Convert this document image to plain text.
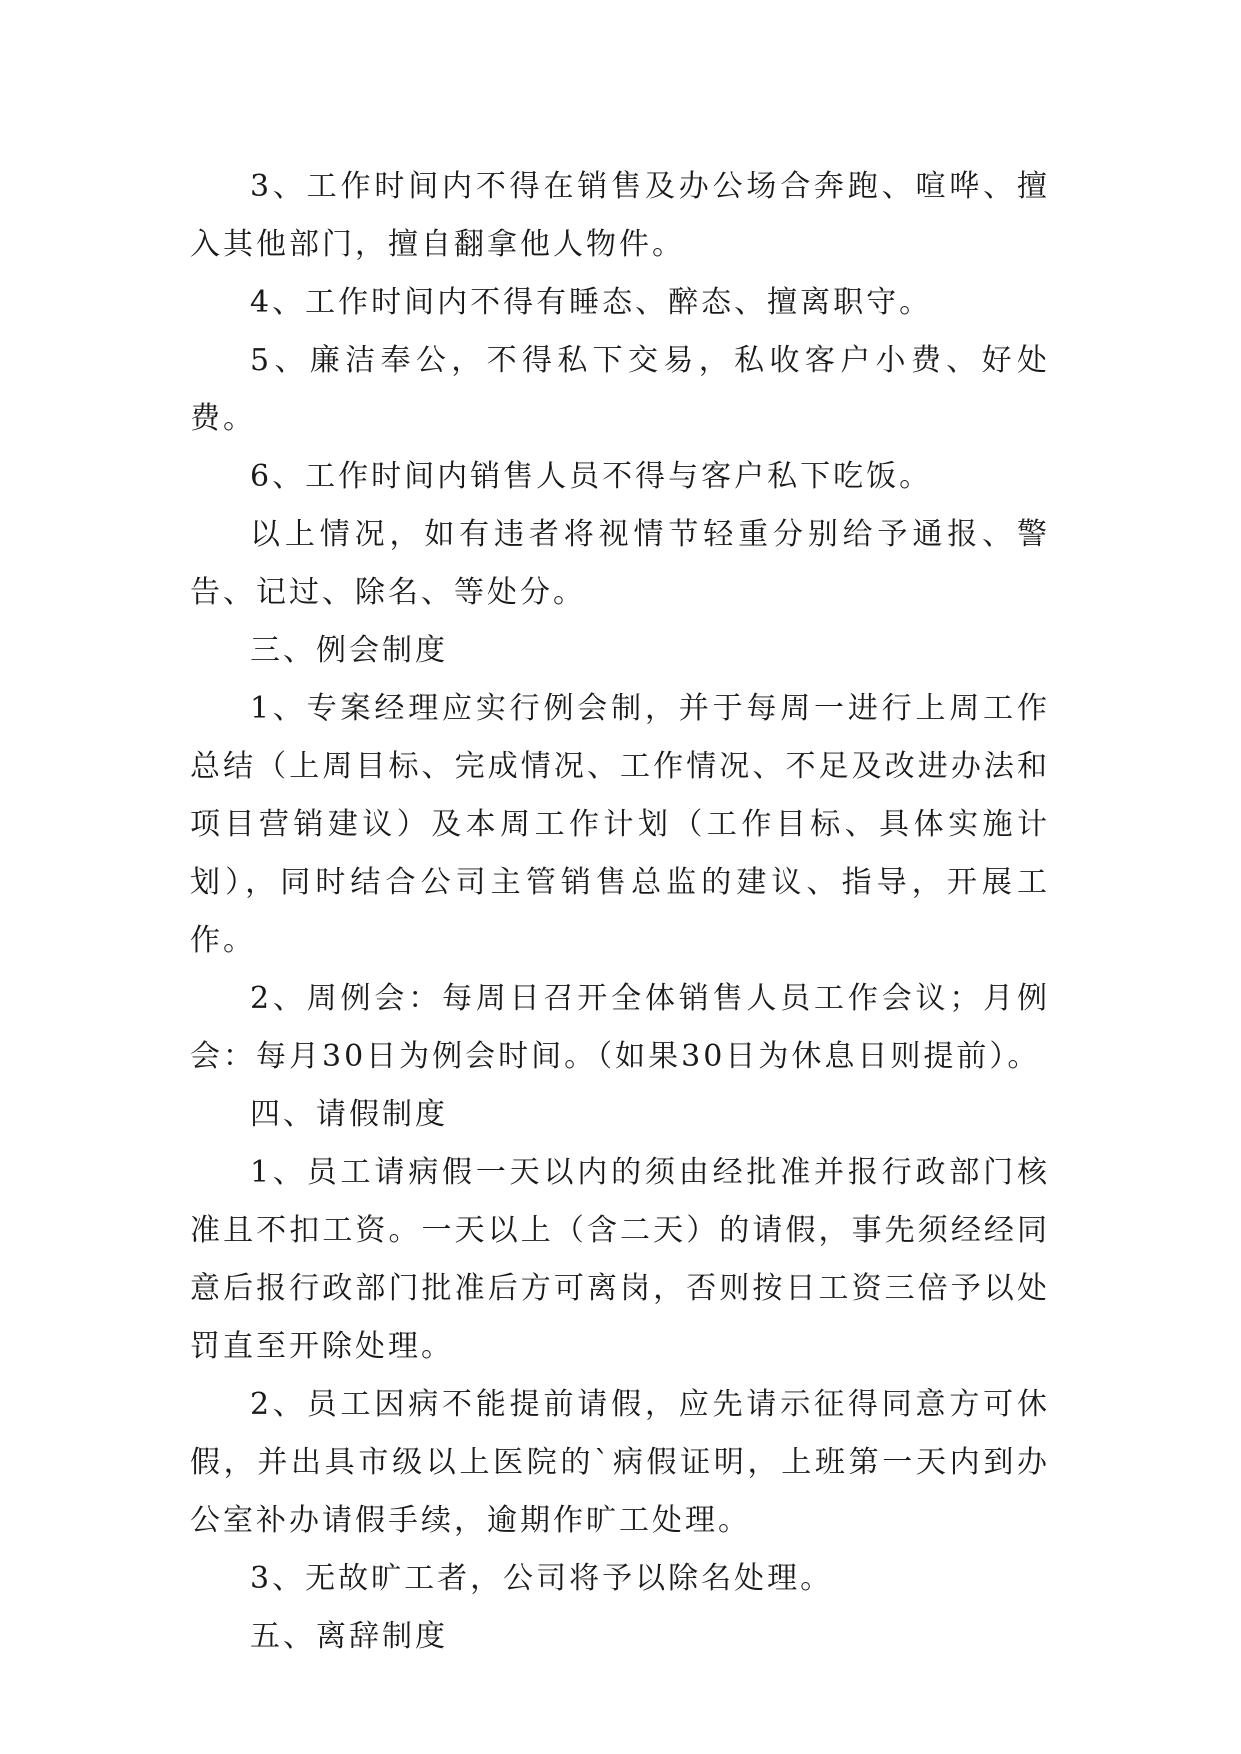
3、工作时间内不得在销售及办公场合奔跑、喧哗、擅入其他部门，擅自翻拿他人物件。

4、工作时间内不得有睡态、醉态、擅离职守。

5、廉洁奉公，不得私下交易，私收客户小费、好处费。

6、工作时间内销售人员不得与客户私下吃饭。

以上情况，如有违者将视情节轻重分别给予通报、警告、记过、除名、等处分。

三、例会制度

1、专案经理应实行例会制，并于每周一进行上周工作总结（上周目标、完成情况、工作情况、不足及改进办法和项目营销建议）及本周工作计划（工作目标、具体实施计划），同时结合公司主管销售总监的建议、指导，开展工作。

2、周例会：每周日召开全体销售人员工作会议；月例会：每月30日为例会时间。（如果30日为休息日则提前）。

四、请假制度

1、员工请病假一天以内的须由经批准并报行政部门核准且不扣工资。一天以上（含二天）的请假，事先须经经同意后报行政部门批准后方可离岗，否则按日工资三倍予以处罚直至开除处理。

2、员工因病不能提前请假，应先请示征得同意方可休假，并出具市级以上医院的`病假证明，上班第一天内到办公室补办请假手续，逾期作旷工处理。

3、无故旷工者，公司将予以除名处理。

五、离辞制度
